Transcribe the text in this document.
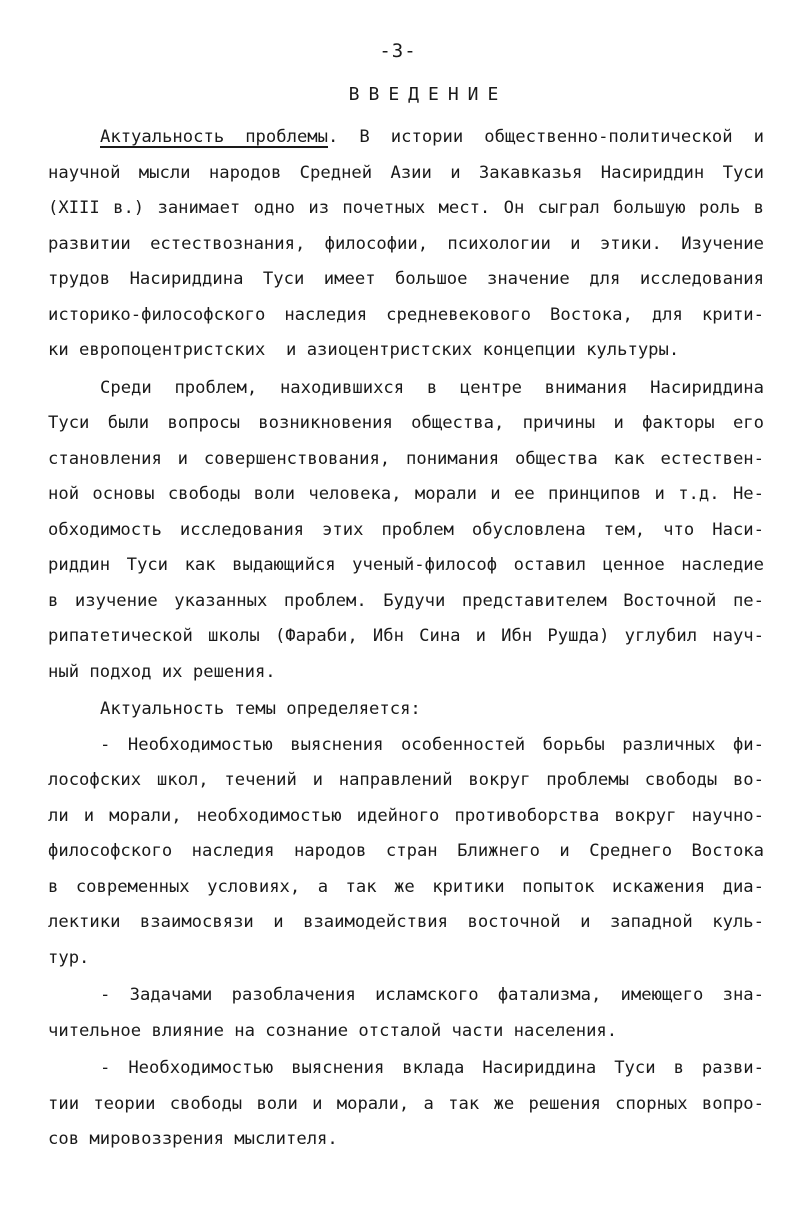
-3-
ВВЕДЕНИЕ
Актуальность проблемы. В истории общественно-политической и
научной мысли народов Средней Азии и Закавказья Насириддин Туси
(XIII в.) занимает одно из почетных мест. Он сыграл большую роль в
развитии естествознания, философии, психологии и этики. Изучение
трудов Насириддина Туси имеет большое значение для исследования
историко-философского наследия средневекового Востока, для крити-
ки европоцентристских  и азиоцентристских концепции культуры.
Среди проблем, находившихся в центре внимания Насириддина
Туси были вопросы возникновения общества, причины и факторы его
становления и совершенствования, понимания общества как естествен-
ной основы свободы воли человека, морали и ее принципов и т.д. Не-
обходимость исследования этих проблем обусловлена тем, что Наси-
риддин Туси как выдающийся ученый-философ оставил ценное наследие
в изучение указанных проблем. Будучи представителем Восточной пе-
рипатетической школы (Фараби, Ибн Сина и Ибн Рушда) углубил науч-
ный подход их решения.
Актуальность темы определяется:
- Необходимостью выяснения особенностей борьбы различных фи-
лософских школ, течений и направлений вокруг проблемы свободы во-
ли и морали, необходимостью идейного противоборства вокруг научно-
философского наследия народов стран Ближнего и Среднего Востока
в современных условиях, а так же критики попыток искажения диа-
лектики взаимосвязи и взаимодействия восточной и западной куль-
тур.
- Задачами разоблачения исламского фатализма, имеющего зна-
чительное влияние на сознание отсталой части населения.
- Необходимостью выяснения вклада Насириддина Туси в разви-
тии теории свободы воли и морали, а так же решения спорных вопро-
сов мировоззрения мыслителя.
